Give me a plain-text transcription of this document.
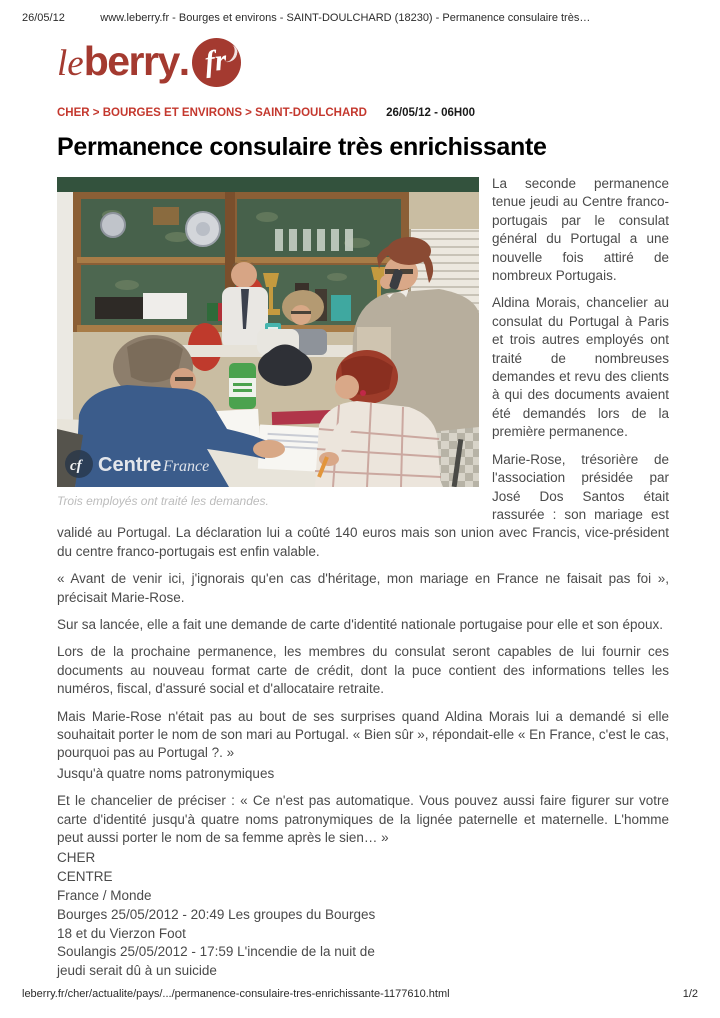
26/05/12	www.leberry.fr - Bourges et environs - SAINT-DOULCHARD (18230) - Permanence consulaire très…
leberry. fr
CHER > BOURGES ET ENVIRONS > SAINT-DOULCHARD 26/05/12 - 06H00
Permanence consulaire très enrichissante
cf Centre France
Trois employés ont traité les demandes.

La seconde permanence tenue jeudi au Centre franco-portugais par le consulat général du Portugal a une nouvelle fois attiré de nombreux Portugais.

Aldina Morais, chancelier au consulat du Portugal à Paris et trois autres employés ont traité de nombreuses demandes et revu des clients à qui des documents avaient été demandés lors de la première permanence.

Marie-Rose, trésorière de l'association présidée par José Dos Santos était rassurée : son mariage est validé au Portugal. La déclaration lui a coûté 140 euros mais son union avec Francis, vice-président du centre franco-portugais est enfin valable.

« Avant de venir ici, j'ignorais qu'en cas d'héritage, mon mariage en France ne faisait pas foi », précisait Marie-Rose.

Sur sa lancée, elle a fait une demande de carte d'identité nationale portugaise pour elle et son époux.

Lors de la prochaine permanence, les membres du consulat seront capables de lui fournir ces documents au nouveau format carte de crédit, dont la puce contient des informations telles les numéros, fiscal, d'assuré social et d'allocataire retraite.

Mais Marie-Rose n'était pas au bout de ses surprises quand Aldina Morais lui a demandé si elle souhaitait porter le nom de son mari au Portugal. « Bien sûr », répondait-elle « En France, c'est le cas, pourquoi pas au Portugal ?. »

Jusqu'à quatre noms patronymiques

Et le chancelier de préciser : « Ce n'est pas automatique. Vous pouvez aussi faire figurer sur votre carte d'identité jusqu'à quatre noms patronymiques de la lignée paternelle et maternelle. L'homme peut aussi porter le nom de sa femme après le sien… »

CHER
CENTRE
France / Monde
Bourges 25/05/2012 - 20:49 Les groupes du Bourges 18 et du Vierzon Foot
Soulangis 25/05/2012 - 17:59 L'incendie de la nuit de jeudi serait dû à un suicide
leberry.fr/cher/actualite/pays/.../permanence-consulaire-tres-enrichissante-1177610.html	1/2
